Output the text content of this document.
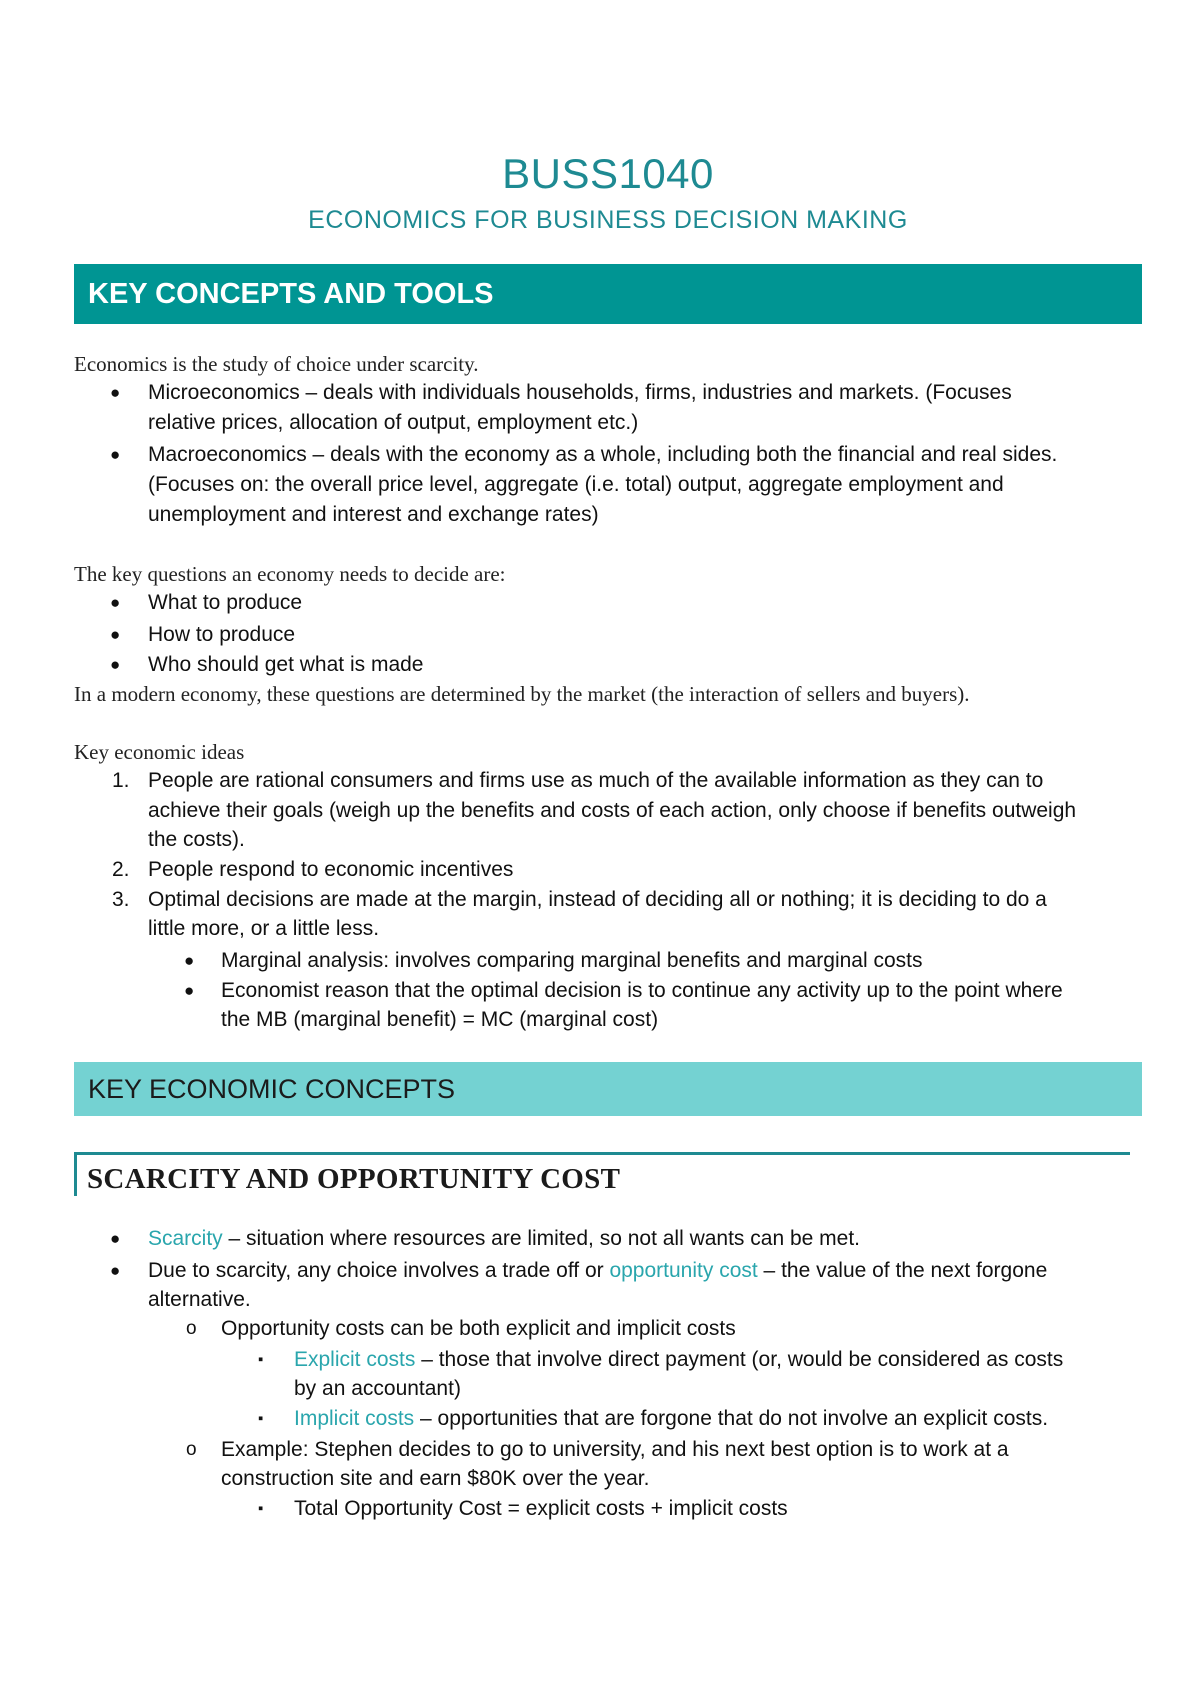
BUSS1040
ECONOMICS FOR BUSINESS DECISION MAKING
KEY CONCEPTS AND TOOLS
Economics is the study of choice under scarcity.
● Microeconomics – deals with individuals households, firms, industries and markets. (Focuses
relative prices, allocation of output, employment etc.)
● Macroeconomics – deals with the economy as a whole, including both the financial and real sides.
(Focuses on: the overall price level, aggregate (i.e. total) output, aggregate employment and
unemployment and interest and exchange rates)
The key questions an economy needs to decide are:
● What to produce
● How to produce
● Who should get what is made
In a modern economy, these questions are determined by the market (the interaction of sellers and buyers).
Key economic ideas
1. People are rational consumers and firms use as much of the available information as they can to
achieve their goals (weigh up the benefits and costs of each action, only choose if benefits outweigh
the costs).
2. People respond to economic incentives
3. Optimal decisions are made at the margin, instead of deciding all or nothing; it is deciding to do a
little more, or a little less.
● Marginal analysis: involves comparing marginal benefits and marginal costs
● Economist reason that the optimal decision is to continue any activity up to the point where
the MB (marginal benefit) = MC (marginal cost)
KEY ECONOMIC CONCEPTS
SCARCITY AND OPPORTUNITY COST
● Scarcity – situation where resources are limited, so not all wants can be met.
● Due to scarcity, any choice involves a trade off or opportunity cost – the value of the next forgone
alternative.
o Opportunity costs can be both explicit and implicit costs
▪ Explicit costs – those that involve direct payment (or, would be considered as costs
by an accountant)
▪ Implicit costs – opportunities that are forgone that do not involve an explicit costs.
o Example: Stephen decides to go to university, and his next best option is to work at a
construction site and earn $80K over the year.
▪ Total Opportunity Cost = explicit costs + implicit costs
